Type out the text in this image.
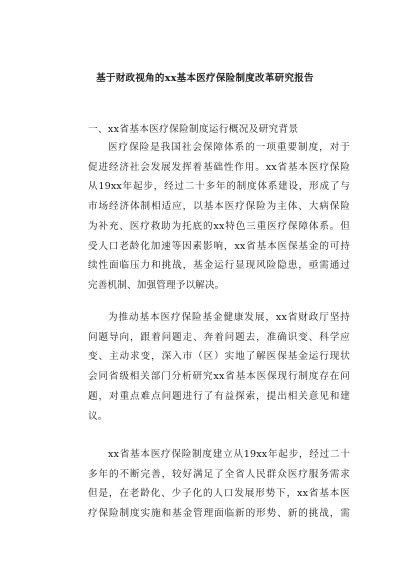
基于财政视角的xx基本医疗保险制度改革研究报告
一、xx省基本医疗保险制度运行概况及研究背景
医疗保险是我国社会保障体系的一项重要制度，对于
促进经济社会发展发挥着基础性作用。xx省基本医疗保险
从19xx年起步，经过二十多年的制度体系建设，形成了与
市场经济体制相适应，以基本医疗保险为主体、大病保险
为补充、医疗救助为托底的xx特色三重医疗保障体系。但
受人口老龄化加速等因素影响，xx省基本医保基金的可持
续性面临压力和挑战，基金运行显现风险隐患，亟需通过
完善机制、加强管理予以解决。
为推动基本医疗保险基金健康发展，xx省财政厅坚持
问题导向，跟着问题走、奔着问题去，准确识变、科学应
变、主动求变，深入市（区）实地了解医保基金运行现状
会同省级相关部门分析研究xx省基本医保现行制度存在问
题，对重点难点问题进行了有益探索，提出相关意见和建
议。
xx省基本医疗保险制度建立从19xx年起步，经过二十
多年的不断完善，较好满足了全省人民群众医疗服务需求
但是，在老龄化、少子化的人口发展形势下，xx省基本医
疗保险制度实施和基金管理面临新的形势、新的挑战，需
